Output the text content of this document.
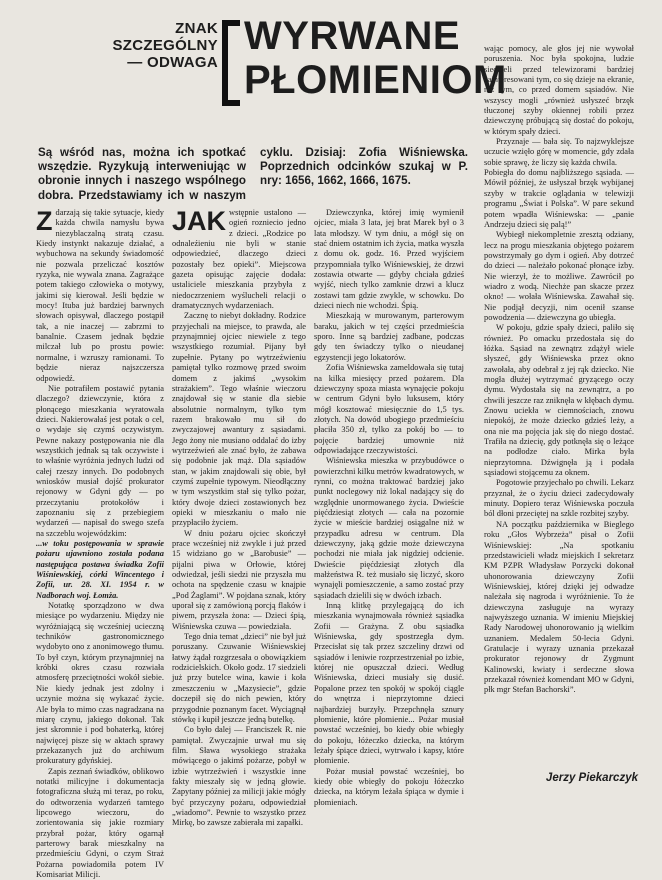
ZNAK
SZCZEGÓLNY
— ODWAGA
WYRWANE
PŁOMIENIOM

Są wśród nas, można ich spotkać wszędzie. Ryzykują interweniując w obronie innych i naszego wspólnego dobra. Przedstawiamy ich w naszym cyklu. Dzisiaj: Zofia Wiśniewska. Poprzednich odcinków szukaj w P. nry: 1656, 1662, 1666, 1675.

Z darzają się takie sytuacje, kiedy każda chwila namysłu bywa niezyblaczalną stratą czasu. Kiedy instynkt nakazuje działać, a wybuchowa na sekundy świadomość nie pozwala przeliczać kosztów ryzyka, nie wywala znana. Zagrażące potem takiego człowieka o motywy, jakimi się kierował. Jeśli będzie w mocy! Ituba już bardziej barwnych słowach opisywał, dlaczego postąpił tak, a nie inaczej — zabrzmi to banalnie. Czasem jednak będzie milczał lub po prostu powie: normalne, i wzruszy ramionami. To będzie nieraz najszczersza odpowiedź.

Nie potrafiłem postawić pytania dlaczego? dziewczynie, która z płonącego mieszkania wyratowała dzieci. Nakierowałaś jest potak o cel, o wydaje się czymś oczywistym. Pewne nakazy postępowania nie dla wszystkich jednak są tak oczywiste i to właśnie wyróżnia jednych ludzi od całej rzeszy innych. Do podobnych wniosków musiał dojść prokurator rejonowy w Gdyni gdy — po przeczytaniu protokołów i zapoznaniu się z przebiegiem wydarzeń — napisał do swego szefa na szczeblu wojewódzkim:

...w toku postępowania w sprawie pożaru ujawniono została podana następująca postawa świadka Zofii Wiśniewskiej, córki Wincentego i Zofii, ur. 28. XI. 1954 r. w Nadborach woj. Łomża.

Notatkę sporządzono w dwa miesiące po wydarzeniu. Między nie wyróżniającą się wcześniej ucieczną techników gastronomicznego wydobyto ono z anonimowego tłumu. To był czyn, którym przynajmniej na króbki okres czasu rozwiała atmosferę przeciętności wokół siebie. Nie kiedy jednak jest zdolny i uczynie można się wykazać życie. Ale była to mimo czas nagradzana na miarę czynu, jakiego dokonał. Tak jest skromnie i pod bohaterką, której najwięcej pisze się w aktach sprawy przekazanych już do archiwum prokuratury gdyńskiej.

Zapis zeznań świadków, oblikowo notatki milicyjne i dokumentacja fotograficzna służą mi teraz, po roku, do odtworzenia wydarzeń tamtego lipcowego wieczoru, do zorientowania się jakie rozmiary przybrał pożar, który ogarnął parterowy barak mieszkalny na przedmieściu Gdyni, o czym Straż Pożarna powiadomiła potem IV Komisariat Milicji.

JAK wstępnie ustalono — ogień rozniecio jedno z dzieci. „Rodzice po odnaleźieniu nie byli w stanie odpowiedzieć, dlaczego dzieci pozostały bez opieki”. Miejscowa gazeta opisując zajęcie dodała: ustaliciele mieszkania przybyła z niedoczrzeniem wyślucheli relacji o dramatycznych wydarzeniach.

Zacznę to niebyt dokładny. Rodzice przyjechali na miejsce, to prawda, ale przynajmniej ojciec niewiele z tego wszystkiego rozumiał. Pijany był zupełnie. Pytany po wytrzeźwieniu pamiętał tylko rozmowę przed swoim domem z jakimś „wysokim strażakiem”. Tego właśnie wieczoru znajdował się w stanie dla siebie absolutnie normalnym, tylko tym razem brakowało mu sił do zwyczajowej awantury z sąsiadami. Jego żony nie musiano oddalać do izby wytrzeźwień ale znać było, że zabawa się podobnie jak mąż. Dla sąsiadów stan, w jakim znajdowali się obie, był czymś zupełnie typowym. Nieodłączny w tym wszystkim stał się tylko pożar, który dwoje dzieci zostawionych bez opieki w mieszkaniu o mało nie przypłaciło życiem.

W dniu pożaru ojciec skończył prace wcześniej niż zwykle i już przed 15 widziano go w „Barobusie” — pijalni piwa w Orłowie, której odwiedzał, jeśli siedzi nie przyszła mu ochota na spędzenie czasu w knajpie „Pod Żaglami”. W pojdana sznak, który uporał się z zamówioną porcją flaków i piwem, przyszła żona: — Dzieci śpią, Wiśniewska czuwa — powiedziała.

Tego dnia temat „dzieci” nie był już poruszany. Czuwanie Wiśniewskiej łatwy żądał rozgrzesała o obowiązkiem rodzicielskich. Około godz. 17 siedzieli już przy butelce wina, kawie i koła zmeszczeniu w „Mazysiecie”, gdzie doczepił się do nich pewien, który przygodnie poznanym facet. Wyciągnął stówkę i kupił jeszcze jedną butelkę.

Co było dalej — Franciszek R. nie pamiętał. Zwyczajnie urwał mu się film. Sława wysokiego strażaka mówiącego o jakimś pożarze, pobył w izbie wytrzeźwień i wszystkie inne fakty mieszały się w jedną głowie. Zapytany później za milicji jakie mógły być przyczyny pożaru, odpowiedział „wiadomo”. Pewnie to wszystko przez Mirkę, bo zawsze zabierała mi zapałki.

Dziewczynka, której imię wymienił ojciec, miała 3 lata, jej brat Marek był o 3 lata młodszy. W tym dniu, a mógł się on stać dniem ostatnim ich życia, matka wyszła z domu ok. godz. 16. Przed wyjściem przypomniała tylko Wiśniewskiej, że drzwi zostawia otwarte — gdyby chciała gdzieś wyjść, niech tylko zamknie drzwi a klucz zostawi tam gdzie zwykle, w schowku. Do dzieci niech nie wchodzi. Śpią.

Mieszkają w murowanym, parterowym baraku, jakich w tej części przedmieścia sporo. Inne są bardziej zadbane, podczas gdy ten świadczy tylko o nieudanej egzystencji jego lokatorów.

Zofia Wiśniewska zameldowała się tutaj na kilka miesięcy przed pożarem. Dla dziewczyny spoza miasta wynajęcie pokoju w centrum Gdyni było luksusem, który mógł kosztować miesięcznie do 1,5 tys. złotych. Na dowód ubogiego przedmieściu płaciła 350 zł, tylko za pokój bo — to pojęcie bardziej umownie niż odpowiadające rzeczywistości.

Wiśniewska mieszka w przybudówce o powierzchni kilku metrów kwadratowych, w rynni, co można traktować bardziej jako punkt noclegowy niż lokal nadający się do względnie unormowanego życia. Dwieście pięćdziesiąt złotych — cała na pozornie życie w mieście bardziej osiągalne niż w przypadku adresu w centrum. Dla dziewczyny, jaką gdzie może dziewczyna pochodzi nie miała jak nigdziej odcienie. Dwieście pięćdziesiąt złotych dla małżeństwa R. też musiało się liczyć, skoro wynajęli pomieszczenie, a samo zostać przy sąsiadach dzielili się w dwóch izbach.

Inną klitkę przylegającą do ich mieszkania wynajmowała również sąsiadka Zofii — Grażyna. Z obu sąsiadka Wiśniewska, gdy spostrzegła dym. Przecisłat się tak przez szczeliny drzwi od sąsiadów i leniwie rozprzestrzeniał po izbie, której nie opuszczał dzieci. Według Wiśniewska, dzieci musiały się dusić. Popalone przez ten spokój w spokój ciągle do wnętrza i nieprzytomne dzieci najbardziej burzyły. Przepchnęła sznury płomienie, które płomienie... Pożar musiał powstać wcześniej, bo kiedy obie wbiegły do pokoju, łóżeczko dziecka, na którym leżały śpiące dzieci, wytrwało i kapsy, które płomienie.

Pożar musiał powstać wcześniej, bo kiedy obie wbiegły do pokoju łóżeczko dziecka, na którym leżała śpiąca w dymie i płomieniach.

wając pomocy, ale głos jej nie wywołał poruszenia. Noc była spokojna, ludzie siedzieli przed telewizorami bardziej zainteresowani tym, co się dzieje na ekranie, niż tym, co przed domem sąsiadów. Nie wszyscy mogli „również usłyszeć brzęk tłuczonej szyby okiennej robili przez dziewczynę próbującą się dostać do pokoju, w którym spały dzieci.

Przyznaje — bała się. To najzwyklejsze uczucie wzięło górę w momencie, gdy zdała sobie sprawę, że liczy się każda chwila.

Pobiegła do domu najbliższego sąsiada. — Mówił później, że usłyszał brzęk wybijanej szyby w trakcie oglądania w telewizji programu „Świat i Polska”. W pare sekund potem wpadła Wiśniewska: — „panie Andrzeju dzieci się palą!”

Wybiegł niekompletnie zresztą odziany, lecz na progu mieszkania objętego pożarem powstrzymały go dym i ogień. Aby dotrzeć do dzieci — należało pokonać płonące izby. Nie wierzył, że to możliwe. Zawrócił po wiadro z wodą. Niechże pan skacze przez okno! — wołała Wiśniewska. Zawahał się. Nie podjął decyzji, nim ocenił szanse powodzenia — dziewczyna go ubiegła.

W pokoju, gdzie spały dzieci, paliło się również. Po omacku przedostała się do łóżka. Sąsiad na zewnątrz zdążył wiele słyszeć, gdy Wiśniewska przez okno zawołała, aby odebrał z jej rąk dziecko. Nie mogła dłużej wytrzymać gryzącego oczy dymu. Wydostała się na zewnątrz, a po chwili jeszcze raz zniknęła w kłębach dymu. Znowu uciekła w ciemnościach, znowu niepokój, że może dziecko gdzieś leży, a ona nie ma pojęcia jak się do niego dostać. Trafiła na dziecię, gdy potknęła się o leżące na podłodze ciało. Mirka była nieprzytomna. Dźwignęła ją i podała sąsiadowi stojącemu za oknem.

Pogotowie przyjechało po chwili. Lekarz przyznał, że o życiu dzieci zadecydowały minuty. Dopiero teraz Wiśniewska poczuła ból dłoni przeciętej na szkle rozbitej szyby.

NA początku październikа w Bieglego roku „Głos Wybrzeża” pisał o Zofii Wiśniewskiej: „Na spotkaniu przedstawicieli władz miejskich I sekretarz KM PZPR Władysław Porzycki dokonał uhonorowania dziewczyny Zofii Wiśniewskiej, której dzięki jej odwadze należała się nagroda i wyróżnienie. To że dziewczyna zasługuje na wyrazy najwyższego uznania. W imieniu Miejskiej Rady Narodowej uhonorowanio ją wielkim uznaniem. Medalem 50-lecia Gdyni. Gratulacje i wyrazy uznania przekazał prokurator rejonowy dr Zygmunt Kalinowski, kwiaty i serdeczne słowa przekazał również komendant MO w Gdyni, płk mgr Stefan Bachorski”.

Jerzy Piekarczyk
